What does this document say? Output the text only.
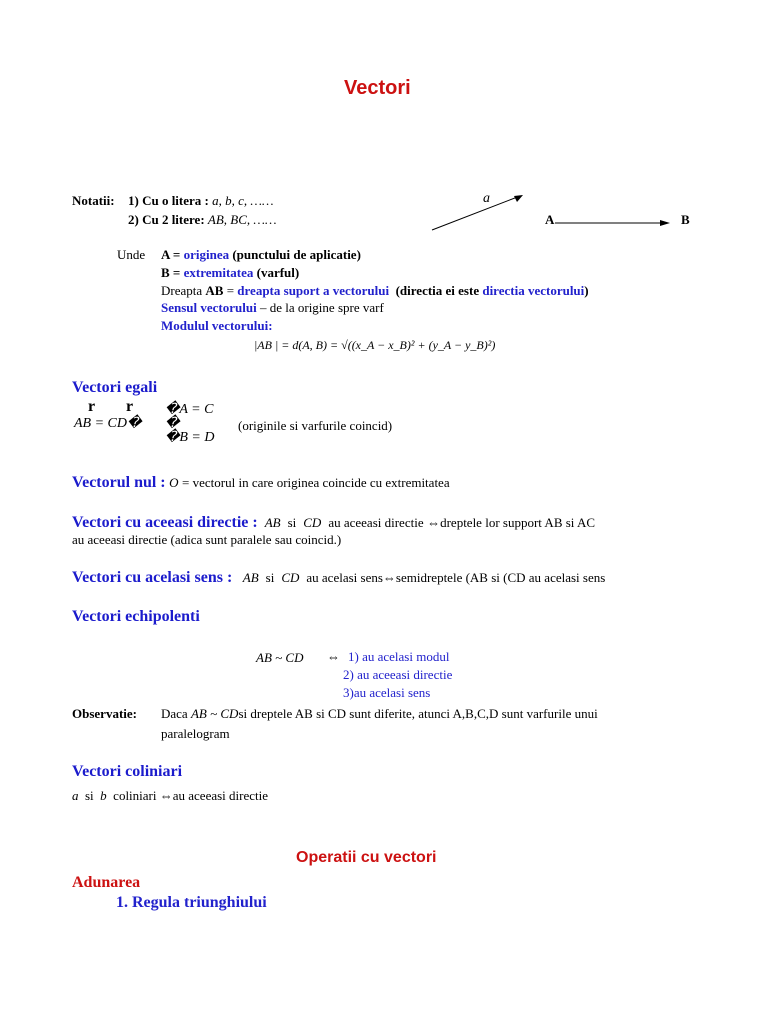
Vectori
Notatii: 1) Cu o litera : a, b, c, ……
2) Cu 2 litere: AB, BC, ……
a
A	B
Unde A = originea (punctului de aplicatie)
B = extremitatea (varful)
Dreapta AB = dreapta suport a vectorului (directia ei este directia vectorului)
Sensul vectorului – de la origine spre varf
Modulul vectorului:
|AB | = d(A, B) = √((x_A − x_B)² + (y_A − y_B)²)
Vectori egali
r r
AB = CD�
�A = C
�
�B = D
(originile si varfurile coincid)
Vectorul nul : O = vectorul in care originea coincide cu extremitatea
Vectori cu aceeasi directie : AB si CD au aceeasi directie ⇔dreptele lor support AB si AC
au aceeasi directie (adica sunt paralele sau coincid.)
Vectori cu acelasi sens : AB si CD au acelasi sens⇔semidreptele (AB si (CD au acelasi sens
Vectori echipolenti
AB ~ CD ⇔ 1) au acelasi modul
2) au aceeasi directie
3)au acelasi sens
Observatie: Daca AB ~ CDsi dreptele AB si CD sunt diferite, atunci A,B,C,D sunt varfurile unui
paralelogram
Vectori coliniari
a si b coliniari ⇔au aceeasi directie
Operatii cu vectori
Adunarea
1. Regula triunghiului
